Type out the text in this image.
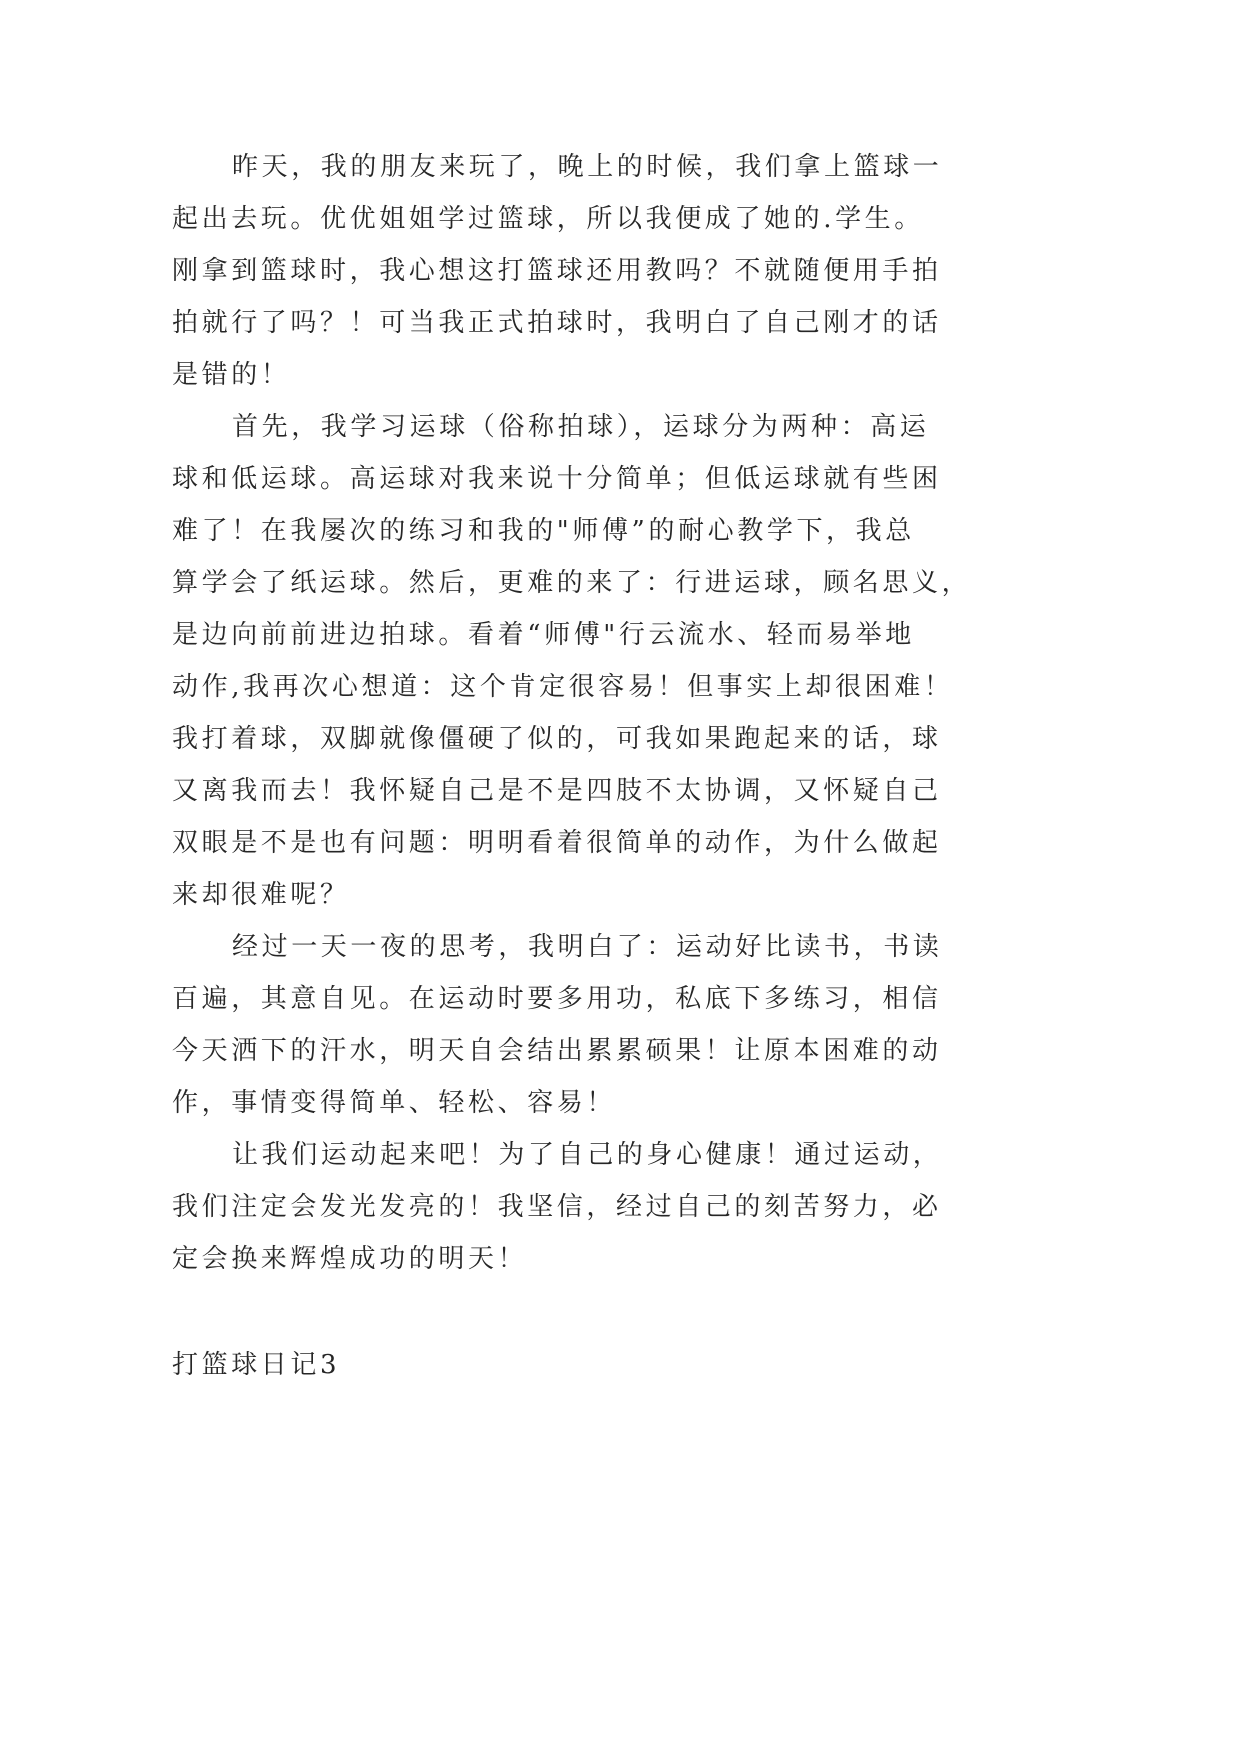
昨天，我的朋友来玩了，晚上的时候，我们拿上篮球一
起出去玩。优优姐姐学过篮球，所以我便成了她的.学生。
刚拿到篮球时，我心想这打篮球还用教吗？不就随便用手拍
拍就行了吗？！可当我正式拍球时，我明白了自己刚才的话
是错的！
首先，我学习运球（俗称拍球），运球分为两种：高运
球和低运球。高运球对我来说十分简单；但低运球就有些困
难了！在我屡次的练习和我的"师傅”的耐心教学下，我总
算学会了纸运球。然后，更难的来了：行进运球，顾名思义，
是边向前前进边拍球。看着“师傅"行云流水、轻而易举地
动作,我再次心想道：这个肯定很容易！但事实上却很困难！
我打着球，双脚就像僵硬了似的，可我如果跑起来的话，球
又离我而去！我怀疑自己是不是四肢不太协调，又怀疑自己
双眼是不是也有问题：明明看着很简单的动作，为什么做起
来却很难呢？
经过一天一夜的思考，我明白了：运动好比读书，书读
百遍，其意自见。在运动时要多用功，私底下多练习，相信
今天洒下的汗水，明天自会结出累累硕果！让原本困难的动
作，事情变得简单、轻松、容易！
让我们运动起来吧！为了自己的身心健康！通过运动，
我们注定会发光发亮的！我坚信，经过自己的刻苦努力，必
定会换来辉煌成功的明天！
打篮球日记3
